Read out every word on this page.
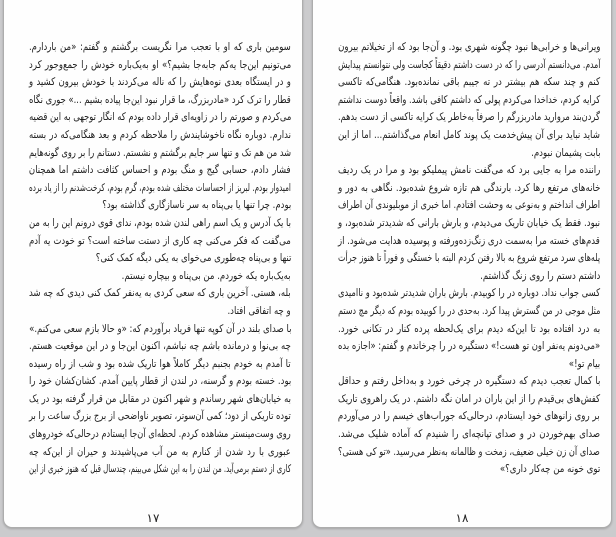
سومین باری که او با تعجب مرا نگریست برگشتم و گفتم: «من باردارم.
می‌تونیم این‌جا یه‌کم جابه‌جا بشیم؟» او به‌یک‌باره خودش را جمع‌وجور کرد
و در ایستگاه بعدی نوه‌هایش را که ناله می‌کردند با خودش بیرون کشید و
قطار را ترک کرد «مادربزرگ، ما قرار نبود این‌جا پیاده بشیم ...» جوری نگاه
می‌کردم و صورتم را در زاویه‌ای قرار داده بودم که انگار توجهی به این قضیه
ندارم. دوباره نگاه ناخوشایندش را ملاحظه کردم و بعد هنگامی‌که در بسته
شد من هم تک و تنها سر جایم برگشتم و نشستم. دستانم را بر روی گونه‌هایم
فشار دادم، حسابی گیج و منگ بودم و احساس کثافت داشتم اما همچنان
امیدوار بودم. لبریز از احساسات مختلف شده بودم، گرم بودم، کرخت‌شدنم را از یاد برده
بودم. چرا تنها یا بی‌پناه به سر ناسازگاری گذاشته بود؟
با یک آدرس و یک اسم راهی لندن شده بودم، ندای قوی درونم این را به من
می‌گفت که فکر می‌کنی چه کاری از دستت ساخته است؟ تو خودت یه آدم
تنها و بی‌پناه چه‌طوری می‌خوای به یکی دیگه کمک کنی؟
به‌یک‌باره یکه خوردم. من بی‌پناه و بیچاره نیستم.
بله، هستی. آخرین باری که سعی کردی به یه‌نفر کمک کنی دیدی که چه شد
و چه اتفاقی افتاد.
با صدای بلند در آن کوپه تنها فریاد برآوردم که: «و حالا بازم سعی می‌کنم.»
چه بی‌نوا و درمانده باشم چه نباشم، اکنون این‌جا و در این موقعیت هستم.
تا آمدم به خودم بجنبم دیگر کاملاً هوا تاریک شده بود و شب از راه رسیده
بود. خسته بودم و گرسنه، در لندن از قطار پایین آمدم. کشان‌کشان خود را
به خیابان‌های شهر رساندم و شهر اکنون در مقابل من قرار گرفته بود در یک
توده تاریکی از دود؛ کمی آن‌سوتر، تصویر ناواضحی از برج بزرگ ساعت را بر
روی وست‌مینستر مشاهده کردم. لحظه‌ای آن‌جا ایستادم درحالی‌که خودروهای
عبوری با رد شدن از کنارم به من آب می‌پاشیدند و حیران از این‌که چه
کاری از دستم برمی‌آید. من لندن را به این شکل می‌بینم، چندسال قبل که هنوز خبری از این
۱۷
ویرانی‌ها و خرابی‌ها نبود چگونه شهری بود. و آن‌جا بود که از تخیلاتم بیرون
آمدم. می‌دانستم آدرسی را که در دست داشتم دقیقاً کجاست ولی نتوانستم پیدایش
کنم و چند سکه هم بیشتر در ته جیبم باقی نمانده‌بود. هنگامی‌که تاکسی
کرایه کردم، خداخدا می‌کردم پولی که داشتم کافی باشد. واقعاً دوست نداشتم
گردن‌بند مروارید مادربزرگم را صرفاً به‌خاطر یک کرایه تاکسی از دست بدهم.
شاید نباید برای آن پیش‌خدمت یک پوند کامل انعام می‌گذاشتم... اما از این
بابت پشیمان نبودم.
راننده مرا به جایی برد که می‌گفت نامش پیملیکو بود و مرا در یک ردیف
خانه‌های مرتفع رها کرد. بارندگی هم تازه شروع شده‌بود. نگاهی به دور و
اطراف انداختم و به‌نوعی به وحشت افتادم. اما خبری از موبلیوندی آن اطراف
نبود. فقط یک خیابان تاریک می‌دیدم، و بارش بارانی که شدیدتر شده‌بود، و
قدم‌های خسته مرا به‌سمت دری زنگ‌زده‌ورفته و پوسیده هدایت می‌شود. از
پله‌های سرد مرتفع شروع به بالا رفتن کردم البته با خستگی و فوراً تا هنوز جرأت
داشتم دستم را روی زنگ گذاشتم.
کسی جواب نداد. دوباره در را کوبیدم. بارش باران شدیدتر شده‌بود و ناامیدی
مثل موجی در من گسترش پیدا کرد. به‌حدی در را کوبیده بودم که دیگر مچ دستم
به درد افتاده بود تا این‌که دیدم برای یک‌لحظه پرده کنار در تکانی خورد.
«می‌دونم یه‌نفر اون تو هست!» دستگیره در را چرخاندم و گفتم: «اجازه بده
بیام تو!»
با کمال تعجب دیدم که دستگیره در چرخی خورد و به‌داخل رفتم و حداقل
کفش‌های بی‌قیدم را از این باران در امان نگه داشتم. در یک راهروی تاریک
بر روی زانوهای خود ایستادم، درحالی‌که جوراب‌های خیسم را در می‌آوردم
صدای بهم‌خوردن در و صدای تپانچه‌ای را شنیدم که آماده شلیک می‌شد.
صدای آن زن خیلی ضعیف، زمخت و ظالمانه به‌نظر می‌رسید. «تو کی هستی؟
توی خونه من چه‌کار داری؟»
۱۸
